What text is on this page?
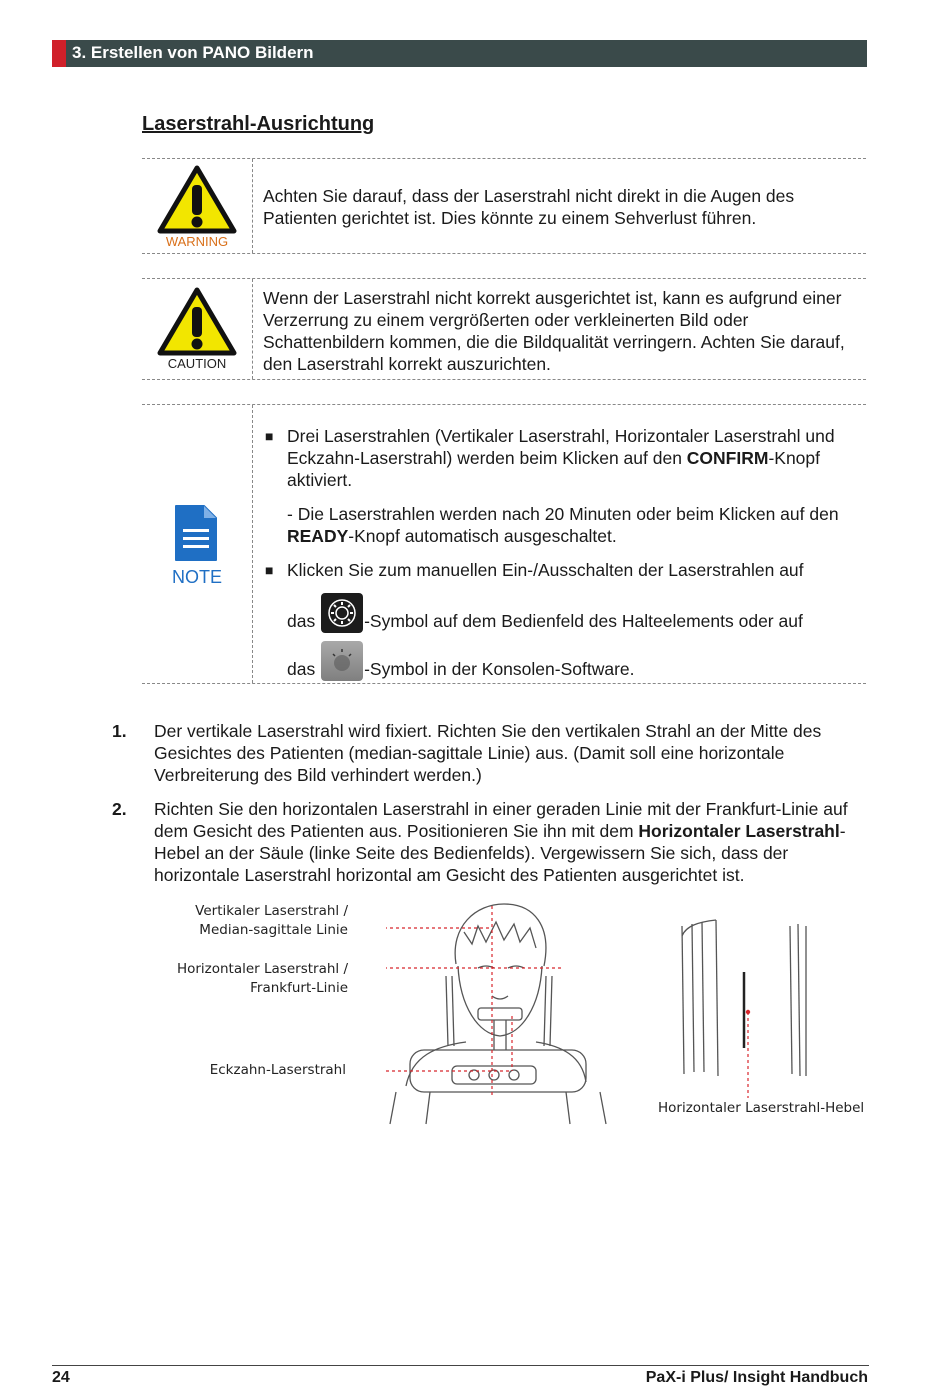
3. Erstellen von PANO Bildern
Laserstrahl-Ausrichtung
WARNING
Achten Sie darauf, dass der Laserstrahl nicht direkt in die Augen des Patienten gerichtet ist. Dies könnte zu einem Sehverlust führen.
CAUTION
Wenn der Laserstrahl nicht korrekt ausgerichtet ist, kann es aufgrund einer Verzerrung zu einem vergrößerten oder verkleinerten Bild oder Schattenbildern kommen, die die Bildqualität verringern. Achten Sie darauf, den Laserstrahl korrekt auszurichten.
NOTE
■ Drei Laserstrahlen (Vertikaler Laserstrahl, Horizontaler Laserstrahl und Eckzahn-Laserstrahl) werden beim Klicken auf den CONFIRM-Knopf aktiviert.

- Die Laserstrahlen werden nach 20 Minuten oder beim Klicken auf den READY-Knopf automatisch ausgeschaltet.

■ Klicken Sie zum manuellen Ein-/Ausschalten der Laserstrahlen auf

das	-Symbol auf dem Bedienfeld des Halteelements oder auf

das	-Symbol in der Konsolen-Software.

1. Der vertikale Laserstrahl wird fixiert. Richten Sie den vertikalen Strahl an der Mitte des Gesichtes des Patienten (median-sagittale Linie) aus. (Damit soll eine horizontale Verbreiterung des Bild verhindert werden.)
2. Richten Sie den horizontalen Laserstrahl in einer geraden Linie mit der Frankfurt-Linie auf dem Gesicht des Patienten aus. Positionieren Sie ihn mit dem Horizontaler Laserstrahl-Hebel an der Säule (linke Seite des Bedienfelds). Vergewissern Sie sich, dass der horizontale Laserstrahl horizontal am Gesicht des Patienten ausgerichtet ist.
Vertikaler Laserstrahl /
Median-sagittale Linie
Horizontaler Laserstrahl /
Frankfurt-Linie
Eckzahn-Laserstrahl
Horizontaler Laserstrahl-Hebel
24	PaX-i Plus/ Insight Handbuch
